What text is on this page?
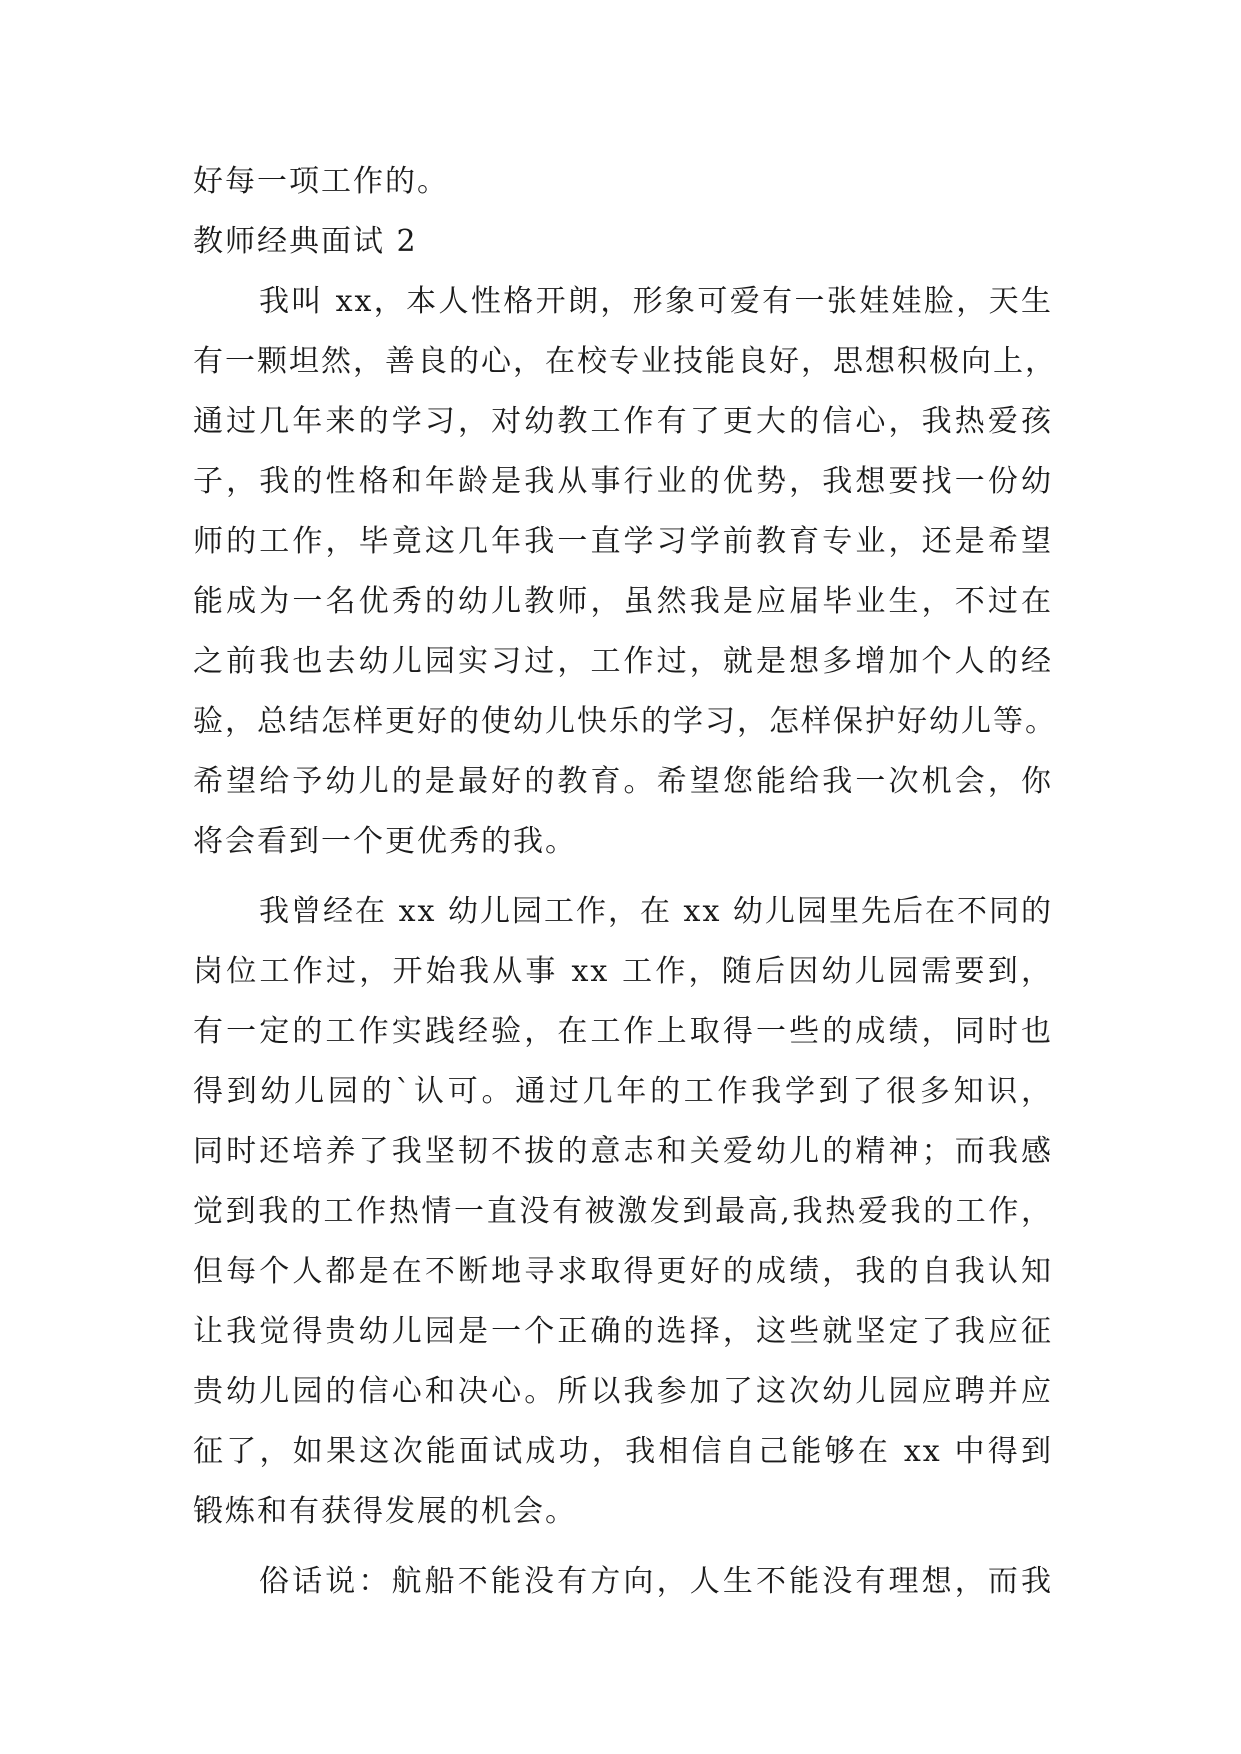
好每一项工作的。
教师经典面试 2
我叫 xx，本人性格开朗，形象可爱有一张娃娃脸，天生
有一颗坦然，善良的心，在校专业技能良好，思想积极向上，
通过几年来的学习，对幼教工作有了更大的信心，我热爱孩
子，我的性格和年龄是我从事行业的优势，我想要找一份幼
师的工作，毕竟这几年我一直学习学前教育专业，还是希望
能成为一名优秀的幼儿教师，虽然我是应届毕业生，不过在
之前我也去幼儿园实习过，工作过，就是想多增加个人的经
验，总结怎样更好的使幼儿快乐的学习，怎样保护好幼儿等。
希望给予幼儿的是最好的教育。希望您能给我一次机会，你
将会看到一个更优秀的我。
我曾经在 xx 幼儿园工作，在 xx 幼儿园里先后在不同的
岗位工作过，开始我从事 xx 工作，随后因幼儿园需要到，
有一定的工作实践经验，在工作上取得一些的成绩，同时也
得到幼儿园的`认可。通过几年的工作我学到了很多知识，
同时还培养了我坚韧不拔的意志和关爱幼儿的精神；而我感
觉到我的工作热情一直没有被激发到最高,我热爱我的工作，
但每个人都是在不断地寻求取得更好的成绩，我的自我认知
让我觉得贵幼儿园是一个正确的选择，这些就坚定了我应征
贵幼儿园的信心和决心。所以我参加了这次幼儿园应聘并应
征了，如果这次能面试成功，我相信自己能够在 xx 中得到
锻炼和有获得发展的机会。
俗话说：航船不能没有方向，人生不能没有理想，而我
